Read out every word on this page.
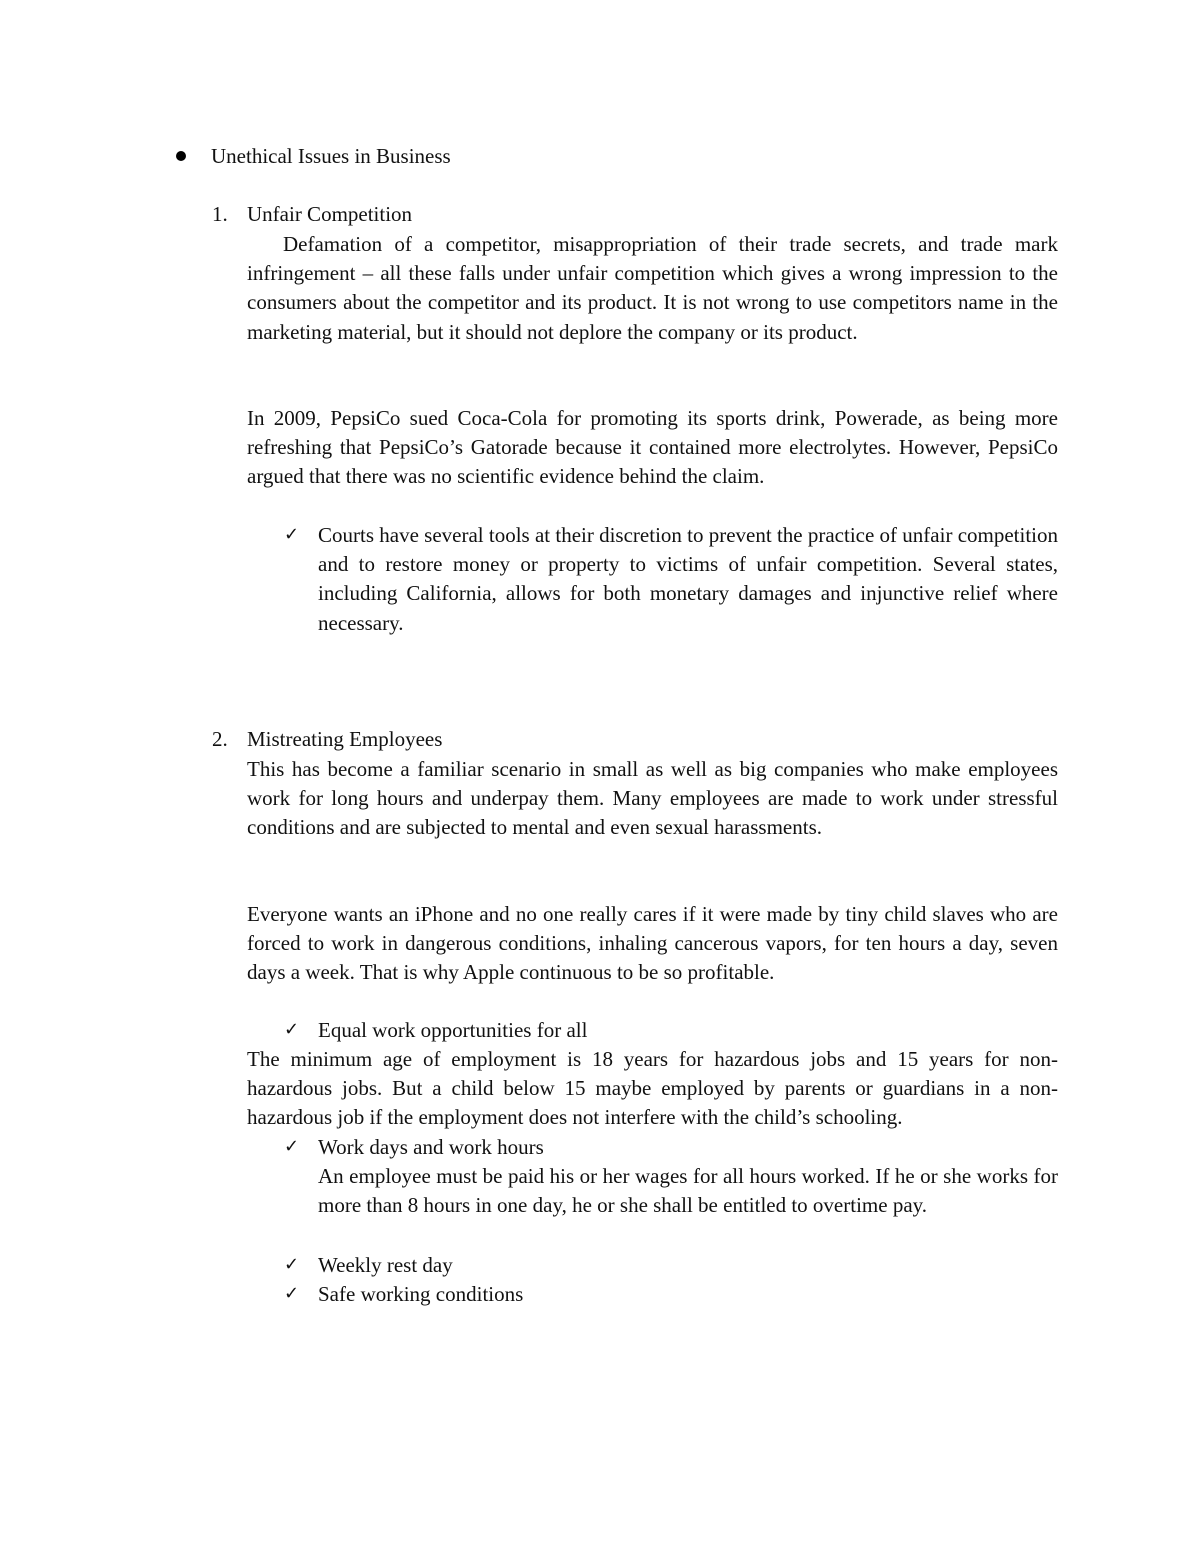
Unethical Issues in Business
1. Unfair Competition
Defamation of a competitor, misappropriation of their trade secrets, and trade mark infringement – all these falls under unfair competition which gives a wrong impression to the consumers about the competitor and its product. It is not wrong to use competitors name in the marketing material, but it should not deplore the company or its product.
In 2009, PepsiCo sued Coca-Cola for promoting its sports drink, Powerade, as being more refreshing that PepsiCo’s Gatorade because it contained more electrolytes. However, PepsiCo argued that there was no scientific evidence behind the claim.
✓ Courts have several tools at their discretion to prevent the practice of unfair competition and to restore money or property to victims of unfair competition. Several states, including California, allows for both monetary damages and injunctive relief where necessary.
2. Mistreating Employees
This has become a familiar scenario in small as well as big companies who make employees work for long hours and underpay them. Many employees are made to work under stressful conditions and are subjected to mental and even sexual harassments.
Everyone wants an iPhone and no one really cares if it were made by tiny child slaves who are forced to work in dangerous conditions, inhaling cancerous vapors, for ten hours a day, seven days a week. That is why Apple continuous to be so profitable.
✓ Equal work opportunities for all
The minimum age of employment is 18 years for hazardous jobs and 15 years for non-hazardous jobs. But a child below 15 maybe employed by parents or guardians in a non-hazardous job if the employment does not interfere with the child’s schooling.
✓ Work days and work hours
An employee must be paid his or her wages for all hours worked. If he or she works for more than 8 hours in one day, he or she shall be entitled to overtime pay.
✓ Weekly rest day
✓ Safe working conditions
